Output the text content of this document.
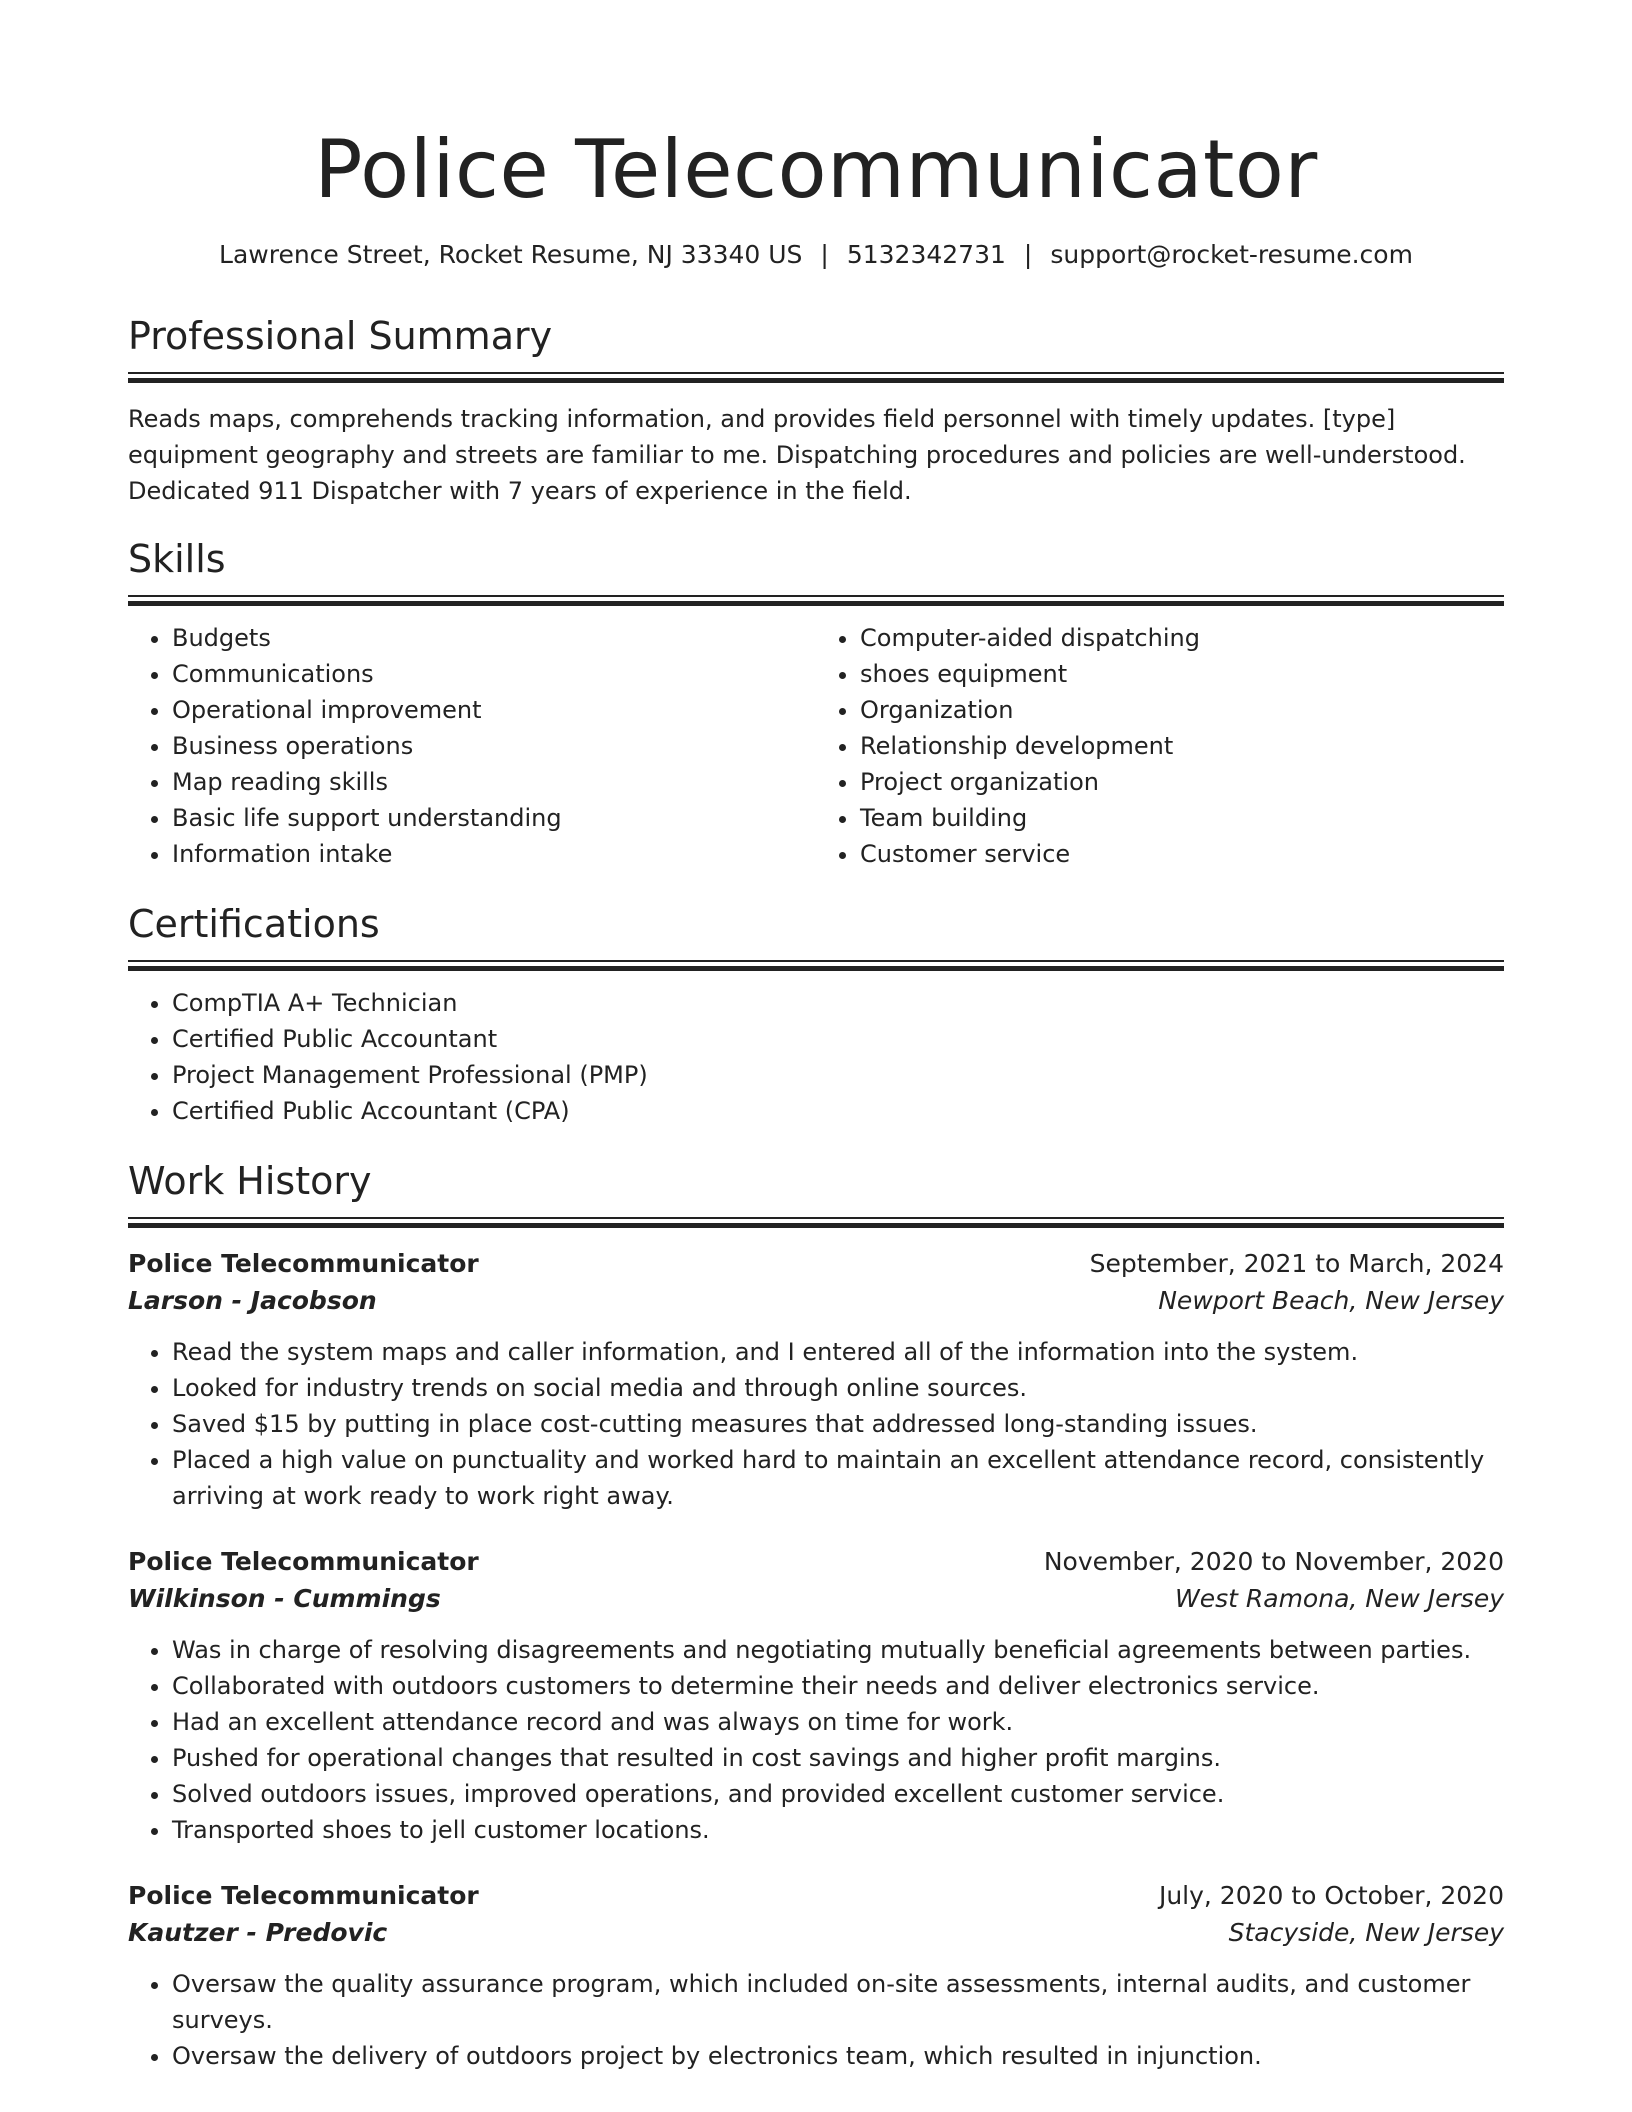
Police Telecommunicator
Lawrence Street, Rocket Resume, NJ 33340 US | 5132342731 | support@rocket-resume.com
Professional Summary

Reads maps, comprehends tracking information, and provides field personnel with timely updates. [type] equipment geography and streets are familiar to me. Dispatching procedures and policies are well-understood. Dedicated 911 Dispatcher with 7 years of experience in the field.

Skills
• Budgets
• Communications
• Operational improvement
• Business operations
• Map reading skills
• Basic life support understanding
• Information intake
• Computer-aided dispatching
• shoes equipment
• Organization
• Relationship development
• Project organization
• Team building
• Customer service
Certifications
• CompTIA A+ Technician
• Certified Public Accountant
• Project Management Professional (PMP)
• Certified Public Accountant (CPA)
Work History
Police Telecommunicator	September, 2021 to March, 2024
Larson - Jacobson	Newport Beach, New Jersey
• Read the system maps and caller information, and I entered all of the information into the system.
• Looked for industry trends on social media and through online sources.
• Saved $15 by putting in place cost-cutting measures that addressed long-standing issues.
• Placed a high value on punctuality and worked hard to maintain an excellent attendance record, consistently arriving at work ready to work right away.
Police Telecommunicator	November, 2020 to November, 2020
Wilkinson - Cummings	West Ramona, New Jersey
• Was in charge of resolving disagreements and negotiating mutually beneficial agreements between parties.
• Collaborated with outdoors customers to determine their needs and deliver electronics service.
• Had an excellent attendance record and was always on time for work.
• Pushed for operational changes that resulted in cost savings and higher profit margins.
• Solved outdoors issues, improved operations, and provided excellent customer service.
• Transported shoes to jell customer locations.
Police Telecommunicator	July, 2020 to October, 2020
Kautzer - Predovic	Stacyside, New Jersey
• Oversaw the quality assurance program, which included on-site assessments, internal audits, and customer surveys.
• Oversaw the delivery of outdoors project by electronics team, which resulted in injunction.
